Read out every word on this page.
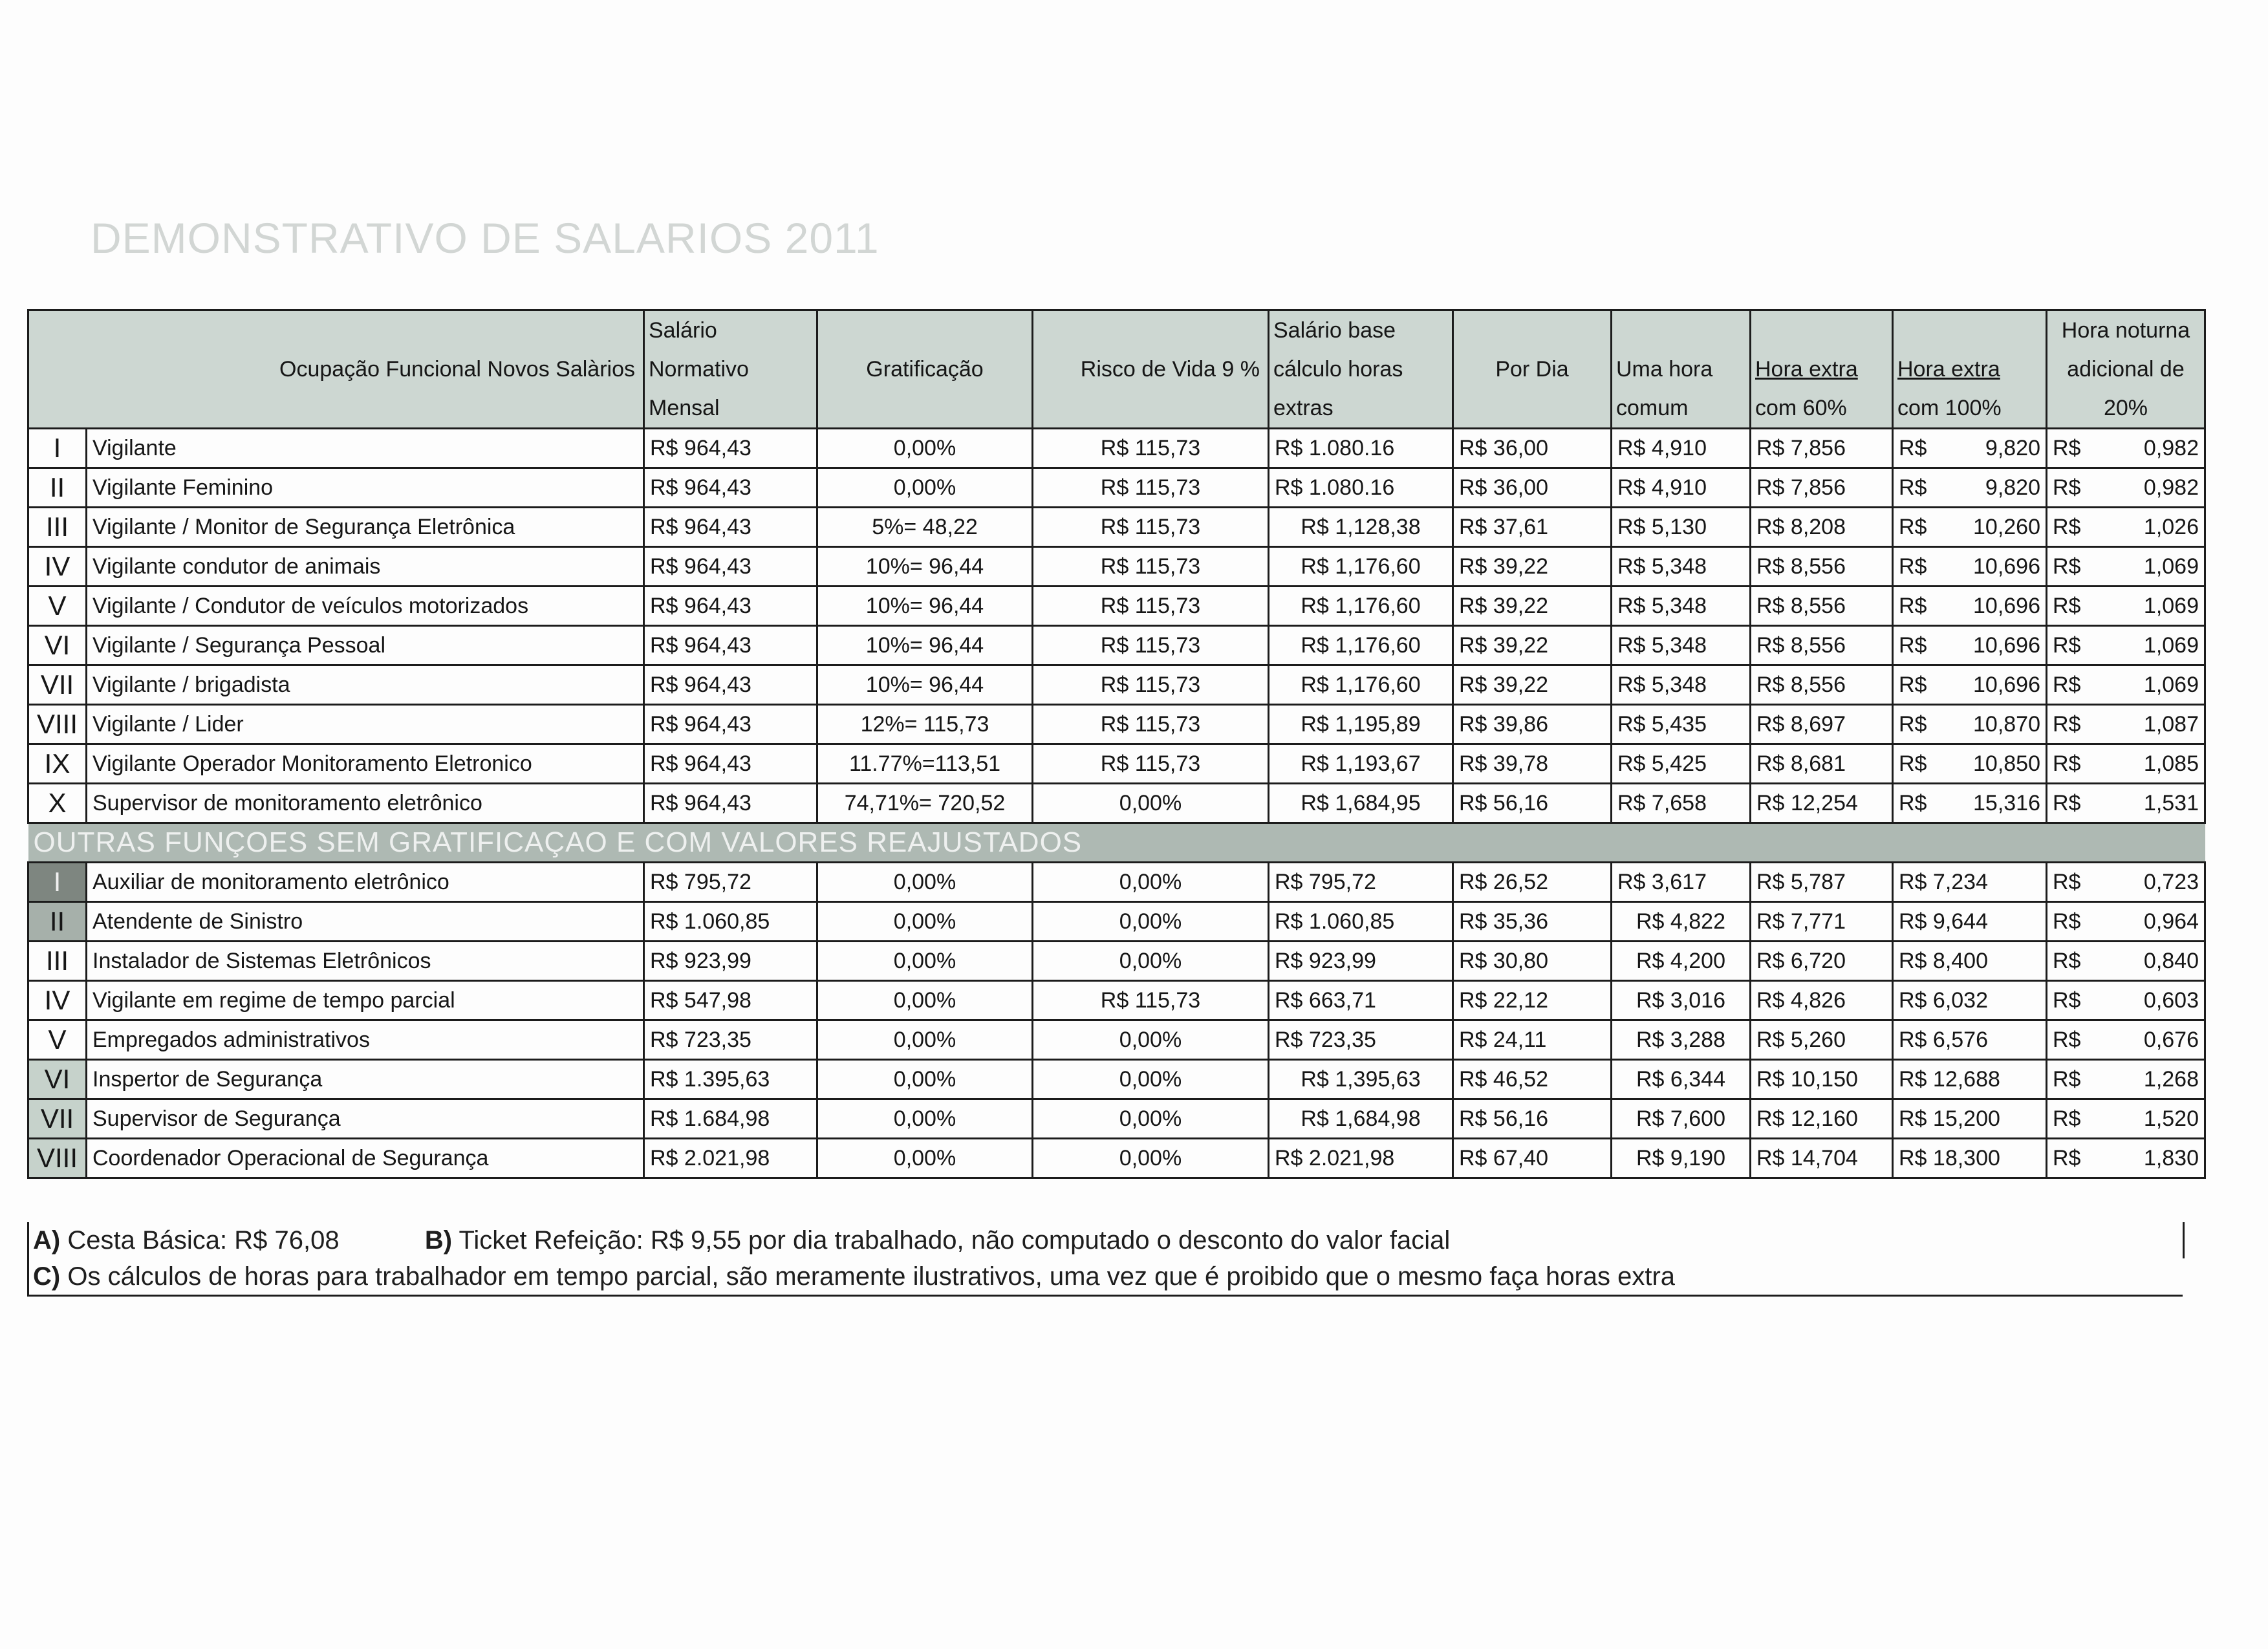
DEMONSTRATIVO DE SALARIOS 2011
Ocupação Funcional Novos Salàrios		Salário
Normativo
Mensal	Gratificação	Risco de Vida 9 %	Salário base
cálculo horas
extras	Por Dia	Uma hora
comum	Hora extra
com 60%	Hora extra
com 100%	Hora noturna
adicional de
20%

I	Vigilante	R$ 964,43	0,00%	R$ 115,73	R$ 1.080.16	R$ 36,00	R$ 4,910	R$ 7,856	R$ 9,820	R$ 0,982

II	Vigilante Feminino	R$ 964,43	0,00%	R$ 115,73	R$ 1.080.16	R$ 36,00	R$ 4,910	R$ 7,856	R$ 9,820	R$ 0,982

III	Vigilante / Monitor de Segurança Eletrônica	R$ 964,43	5%= 48,22	R$ 115,73	R$ 1,128,38	R$ 37,61	R$ 5,130	R$ 8,208	R$ 10,260	R$ 1,026

IV	Vigilante condutor de animais	R$ 964,43	10%= 96,44	R$ 115,73	R$ 1,176,60	R$ 39,22	R$ 5,348	R$ 8,556	R$ 10,696	R$ 1,069

V	Vigilante / Condutor de veículos motorizados	R$ 964,43	10%= 96,44	R$ 115,73	R$ 1,176,60	R$ 39,22	R$ 5,348	R$ 8,556	R$ 10,696	R$ 1,069

VI	Vigilante / Segurança Pessoal	R$ 964,43	10%= 96,44	R$ 115,73	R$ 1,176,60	R$ 39,22	R$ 5,348	R$ 8,556	R$ 10,696	R$ 1,069

VII	Vigilante / brigadista	R$ 964,43	10%= 96,44	R$ 115,73	R$ 1,176,60	R$ 39,22	R$ 5,348	R$ 8,556	R$ 10,696	R$ 1,069

VIII	Vigilante / Lider	R$ 964,43	12%= 115,73	R$ 115,73	R$ 1,195,89	R$ 39,86	R$ 5,435	R$ 8,697	R$ 10,870	R$ 1,087

IX	Vigilante Operador Monitoramento Eletronico	R$ 964,43	11.77%=113,51	R$ 115,73	R$ 1,193,67	R$ 39,78	R$ 5,425	R$ 8,681	R$ 10,850	R$ 1,085

X	Supervisor de monitoramento eletrônico	R$ 964,43	74,71%= 720,52	0,00%	R$ 1,684,95	R$ 56,16	R$ 7,658	R$ 12,254	R$ 15,316	R$ 1,531

OUTRAS FUNÇOES SEM GRATIFICAÇAO E COM VALORES REAJUSTADOS										
I	Auxiliar de monitoramento eletrônico	R$ 795,72	0,00%	0,00%	R$ 795,72	R$ 26,52	R$ 3,617	R$ 5,787	R$ 7,234	R$ 0,723

II	Atendente de Sinistro	R$ 1.060,85	0,00%	0,00%	R$ 1.060,85	R$ 35,36	R$ 4,822	R$ 7,771	R$ 9,644	R$ 0,964

III	Instalador de Sistemas Eletrônicos	R$ 923,99	0,00%	0,00%	R$ 923,99	R$ 30,80	R$ 4,200	R$ 6,720	R$ 8,400	R$ 0,840

IV	Vigilante em regime de tempo parcial	R$ 547,98	0,00%	R$ 115,73	R$ 663,71	R$ 22,12	R$ 3,016	R$ 4,826	R$ 6,032	R$ 0,603

V	Empregados administrativos	R$ 723,35	0,00%	0,00%	R$ 723,35	R$ 24,11	R$ 3,288	R$ 5,260	R$ 6,576	R$ 0,676

VI	Inspertor de Segurança	R$ 1.395,63	0,00%	0,00%	R$ 1,395,63	R$ 46,52	R$ 6,344	R$ 10,150	R$ 12,688	R$ 1,268

VII	Supervisor de Segurança	R$ 1.684,98	0,00%	0,00%	R$ 1,684,98	R$ 56,16	R$ 7,600	R$ 12,160	R$ 15,200	R$ 1,520

VIII	Coordenador Operacional de Segurança	R$ 2.021,98	0,00%	0,00%	R$ 2.021,98	R$ 67,40	R$ 9,190	R$ 14,704	R$ 18,300	R$ 1,830
A) Cesta Básica: R$ 76,08	B) Ticket Refeição: R$ 9,55 por dia trabalhado, não computado o desconto do valor facial
C) Os cálculos de horas para trabalhador em tempo parcial, são meramente ilustrativos, uma vez que é proibido que o mesmo faça horas extra
